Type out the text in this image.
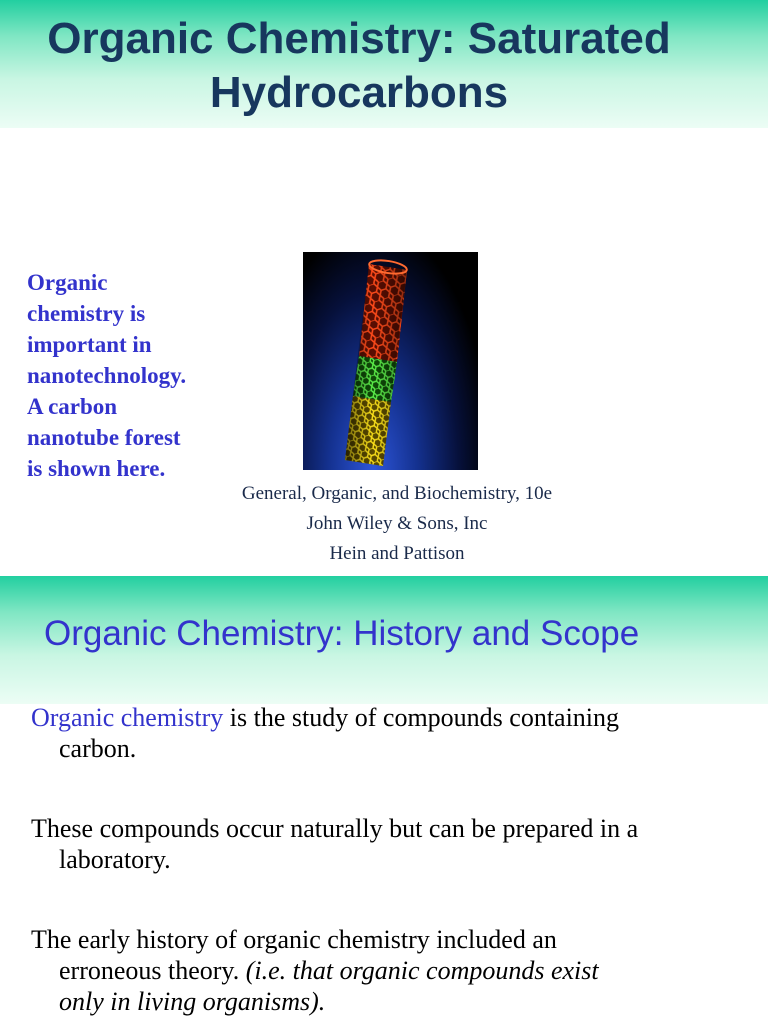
Organic Chemistry: Saturated
Hydrocarbons
Organic
chemistry is
important in
nanotechnology.
A carbon
nanotube forest
is shown here.
General, Organic, and Biochemistry, 10e
John Wiley & Sons, Inc
Hein and Pattison
Organic Chemistry: History and Scope
Organic chemistry is the study of compounds containing
carbon.
These compounds occur naturally but can be prepared in a
laboratory.
The early history of organic chemistry included an
erroneous theory. (i.e. that organic compounds exist
only in living organisms).
